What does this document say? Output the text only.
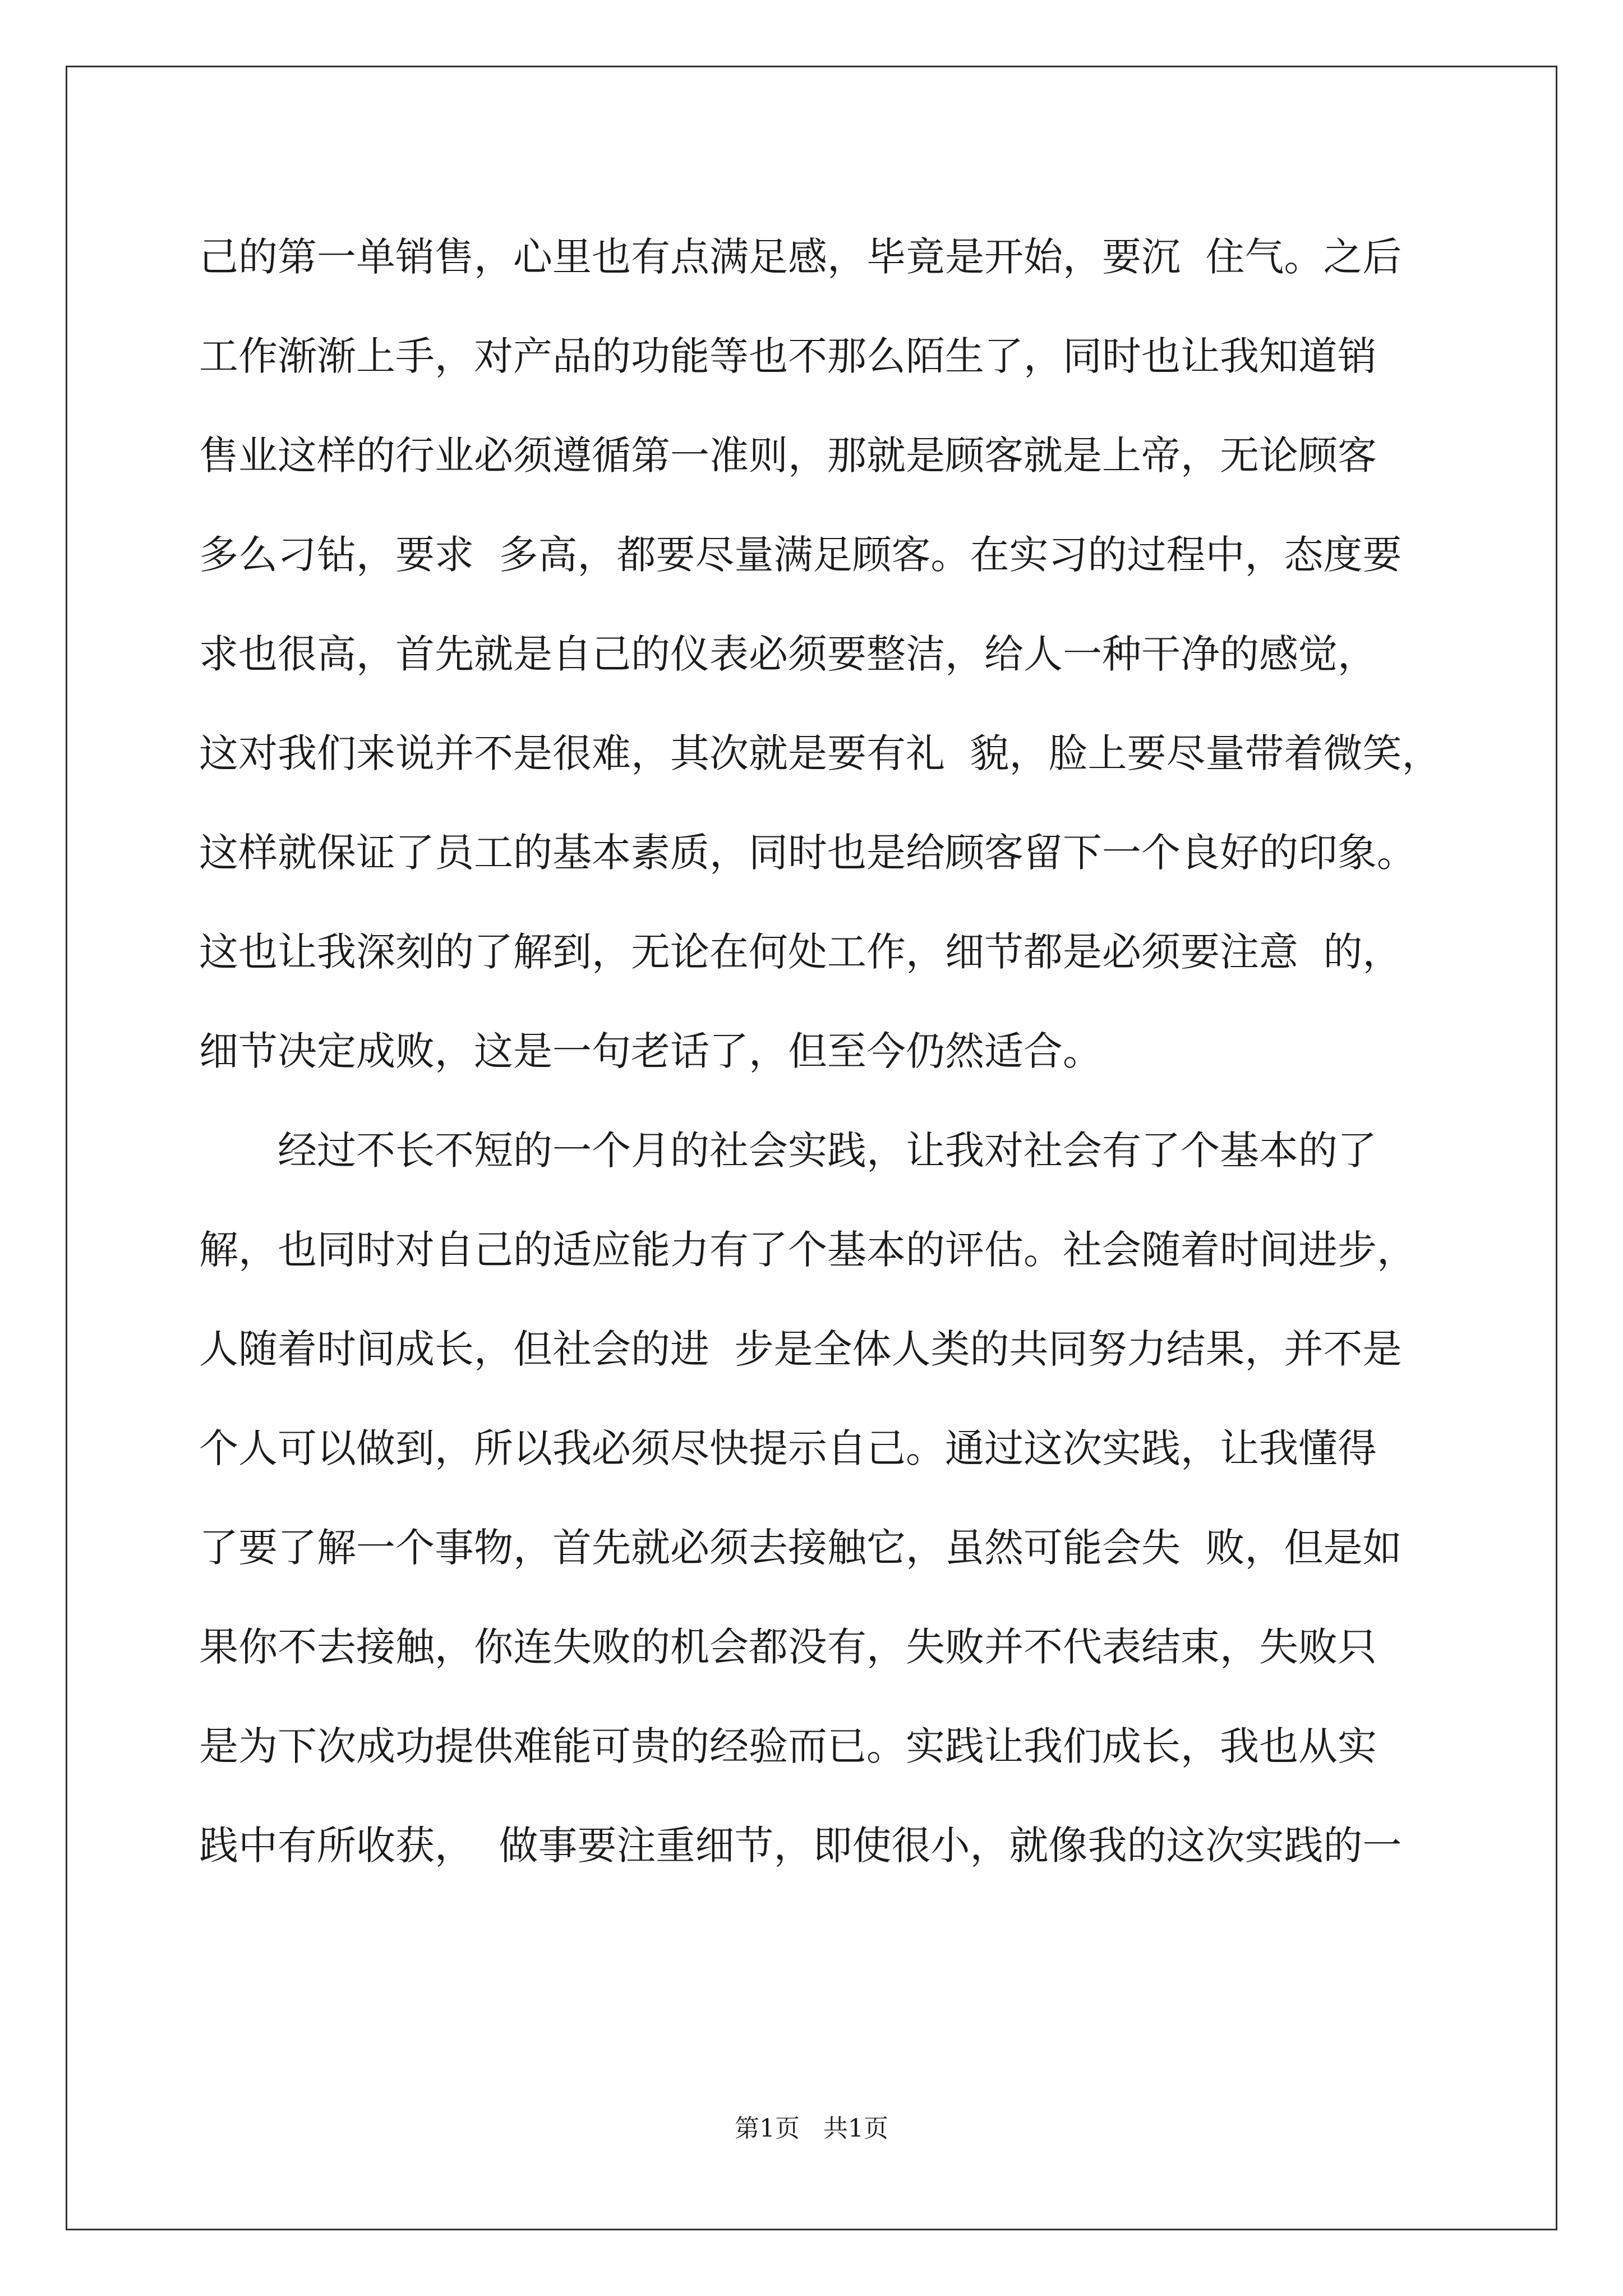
己的第一单销售，心里也有点满足感，毕竟是开始，要沉  住气。之后
工作渐渐上手，对产品的功能等也不那么陌生了，同时也让我知道销
售业这样的行业必须遵循第一准则，那就是顾客就是上帝，无论顾客
多么刁钻，要求  多高，都要尽量满足顾客。在实习的过程中，态度要
求也很高，首先就是自己的仪表必须要整洁，给人一种干净的感觉，
这对我们来说并不是很难，其次就是要有礼  貌，脸上要尽量带着微笑，
这样就保证了员工的基本素质，同时也是给顾客留下一个良好的印象。
这也让我深刻的了解到，无论在何处工作，细节都是必须要注意  的，
细节决定成败，这是一句老话了，但至今仍然适合。
　　经过不长不短的一个月的社会实践，让我对社会有了个基本的了
解，也同时对自己的适应能力有了个基本的评估。社会随着时间进步，
人随着时间成长，但社会的进  步是全体人类的共同努力结果，并不是
个人可以做到，所以我必须尽快提示自己。通过这次实践，让我懂得
了要了解一个事物，首先就必须去接触它，虽然可能会失  败，但是如
果你不去接触，你连失败的机会都没有，失败并不代表结束，失败只
是为下次成功提供难能可贵的经验而已。实践让我们成长，我也从实
践中有所收获，  做事要注重细节，即使很小，就像我的这次实践的一
第1页   共1页
